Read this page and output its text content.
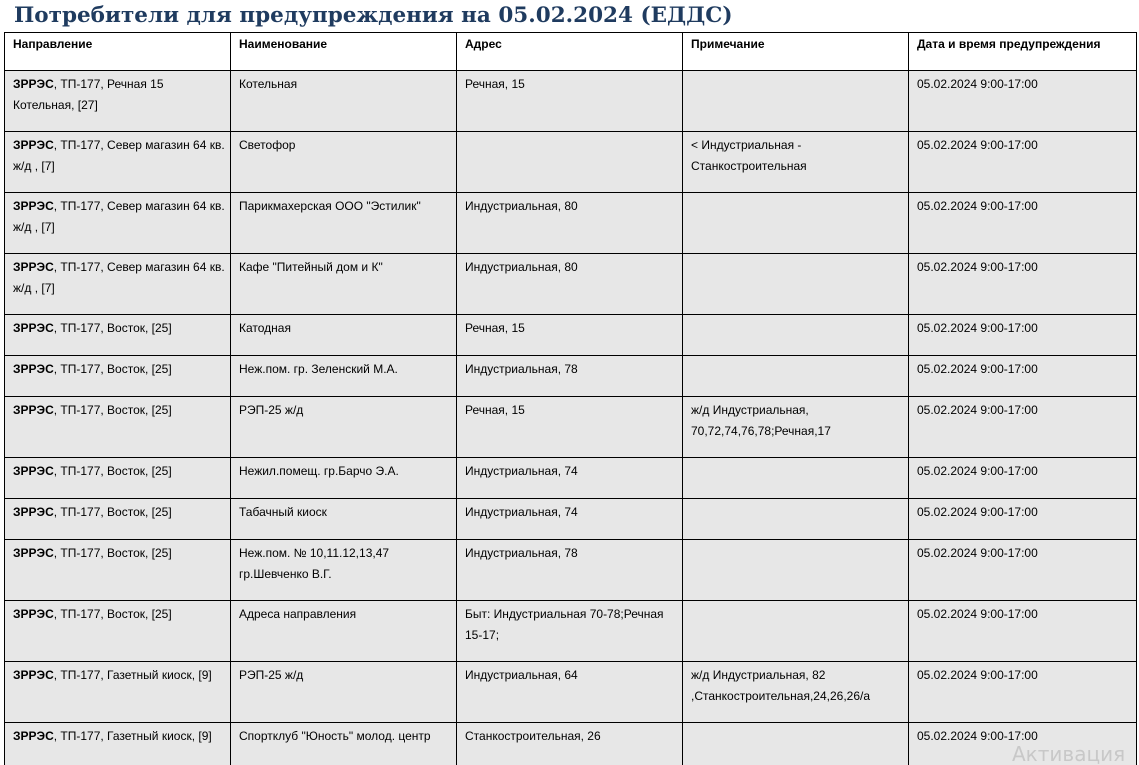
Потребители для предупреждения на 05.02.2024 (ЕДДС)
Направление	Наименование	Адрес	Примечание	Дата и время предупреждения
ЗРРЭС, ТП-177, Речная 15 Котельная, [27]	Котельная	Речная, 15		05.02.2024 9:00-17:00
ЗРРЭС, ТП-177, Север магазин 64 кв. ж/д , [7]	Светофор		< Индустриальная - Станкостроительная	05.02.2024 9:00-17:00
ЗРРЭС, ТП-177, Север магазин 64 кв. ж/д , [7]	Парикмахерская ООО "Эстилик"	Индустриальная, 80		05.02.2024 9:00-17:00
ЗРРЭС, ТП-177, Север магазин 64 кв. ж/д , [7]	Кафе "Питейный дом и К"	Индустриальная, 80		05.02.2024 9:00-17:00
ЗРРЭС, ТП-177, Восток, [25]	Катодная	Речная, 15		05.02.2024 9:00-17:00
ЗРРЭС, ТП-177, Восток, [25]	Неж.пом. гр. Зеленский М.А.	Индустриальная, 78		05.02.2024 9:00-17:00
ЗРРЭС, ТП-177, Восток, [25]	РЭП-25 ж/д	Речная, 15	ж/д Индустриальная, 70,72,74,76,78;Речная,17	05.02.2024 9:00-17:00
ЗРРЭС, ТП-177, Восток, [25]	Нежил.помещ. гр.Барчо Э.А.	Индустриальная, 74		05.02.2024 9:00-17:00
ЗРРЭС, ТП-177, Восток, [25]	Табачный киоск	Индустриальная, 74		05.02.2024 9:00-17:00
ЗРРЭС, ТП-177, Восток, [25]	Неж.пом. № 10,11.12,13,47 гр.Шевченко В.Г.	Индустриальная, 78		05.02.2024 9:00-17:00
ЗРРЭС, ТП-177, Восток, [25]	Адреса направления	Быт: Индустриальная 70-78;Речная 15-17;		05.02.2024 9:00-17:00
ЗРРЭС, ТП-177, Газетный киоск, [9]	РЭП-25 ж/д	Индустриальная, 64	ж/д Индустриальная, 82 ,Станкостроительная,24,26,26/а	05.02.2024 9:00-17:00
ЗРРЭС, ТП-177, Газетный киоск, [9]	Спортклуб "Юность" молод. центр	Станкостроительная, 26		05.02.2024 9:00-17:00
Активация
